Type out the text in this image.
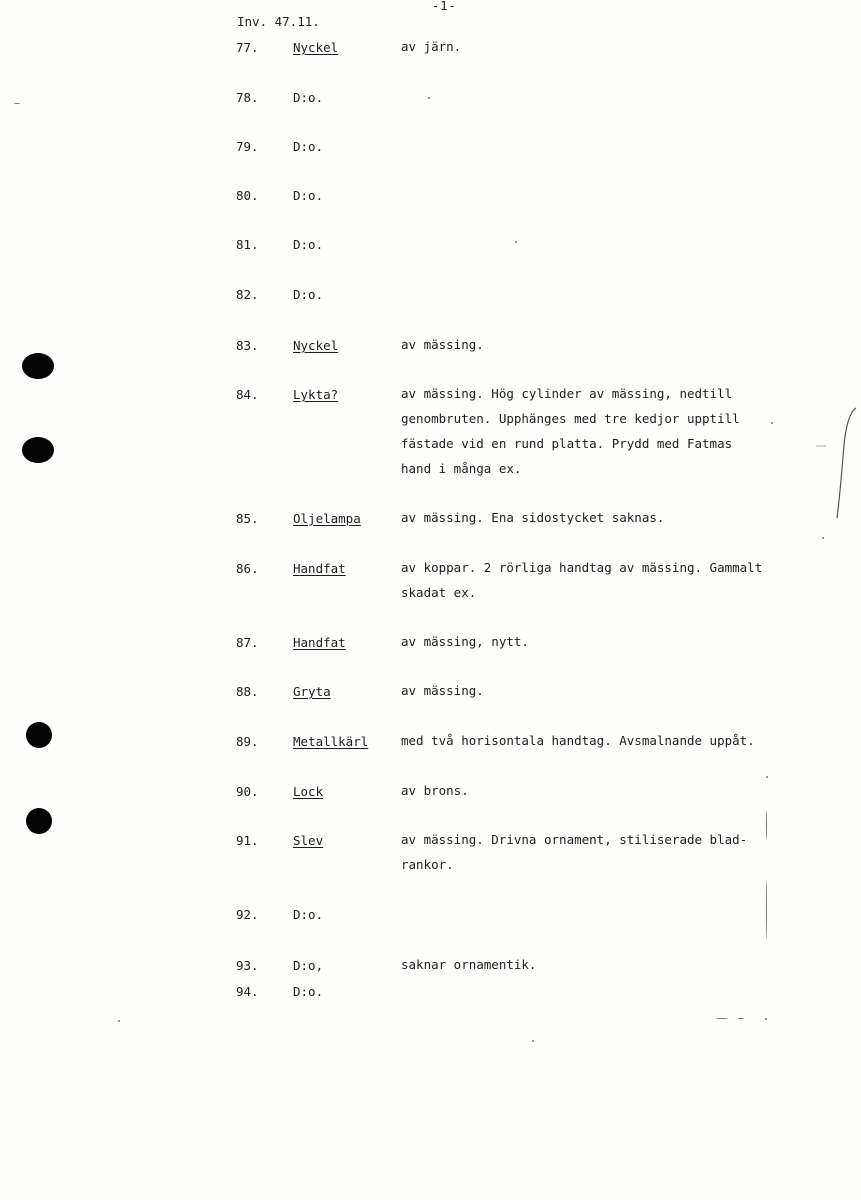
-1-
Inv. 47.11.
77.	Nyckel	av järn.
78.	D:o.
79.	D:o.
80.	D:o.
81.	D:o.
82.	D:o.
83.	Nyckel	av mässing.
84.	Lykta?	av mässing. Hög cylinder av mässing, nedtill
genombruten. Upphänges med tre kedjor upptill
fästade vid en rund platta. Prydd med Fatmas
hand i många ex.
85.	Oljelampa	av mässing. Ena sidostycket saknas.
86.	Handfat	av koppar. 2 rörliga handtag av mässing. Gammalt
skadat ex.
87.	Handfat	av mässing, nytt.
88.	Gryta	av mässing.
89.	Metallkärl	med två horisontala handtag. Avsmalnande uppåt.
90.	Lock	av brons.
91.	Slev	av mässing. Drivna ornament, stiliserade blad-
rankor.
92.	D:o.
93.	D:o,	saknar ornamentik.
94.	D:o.
